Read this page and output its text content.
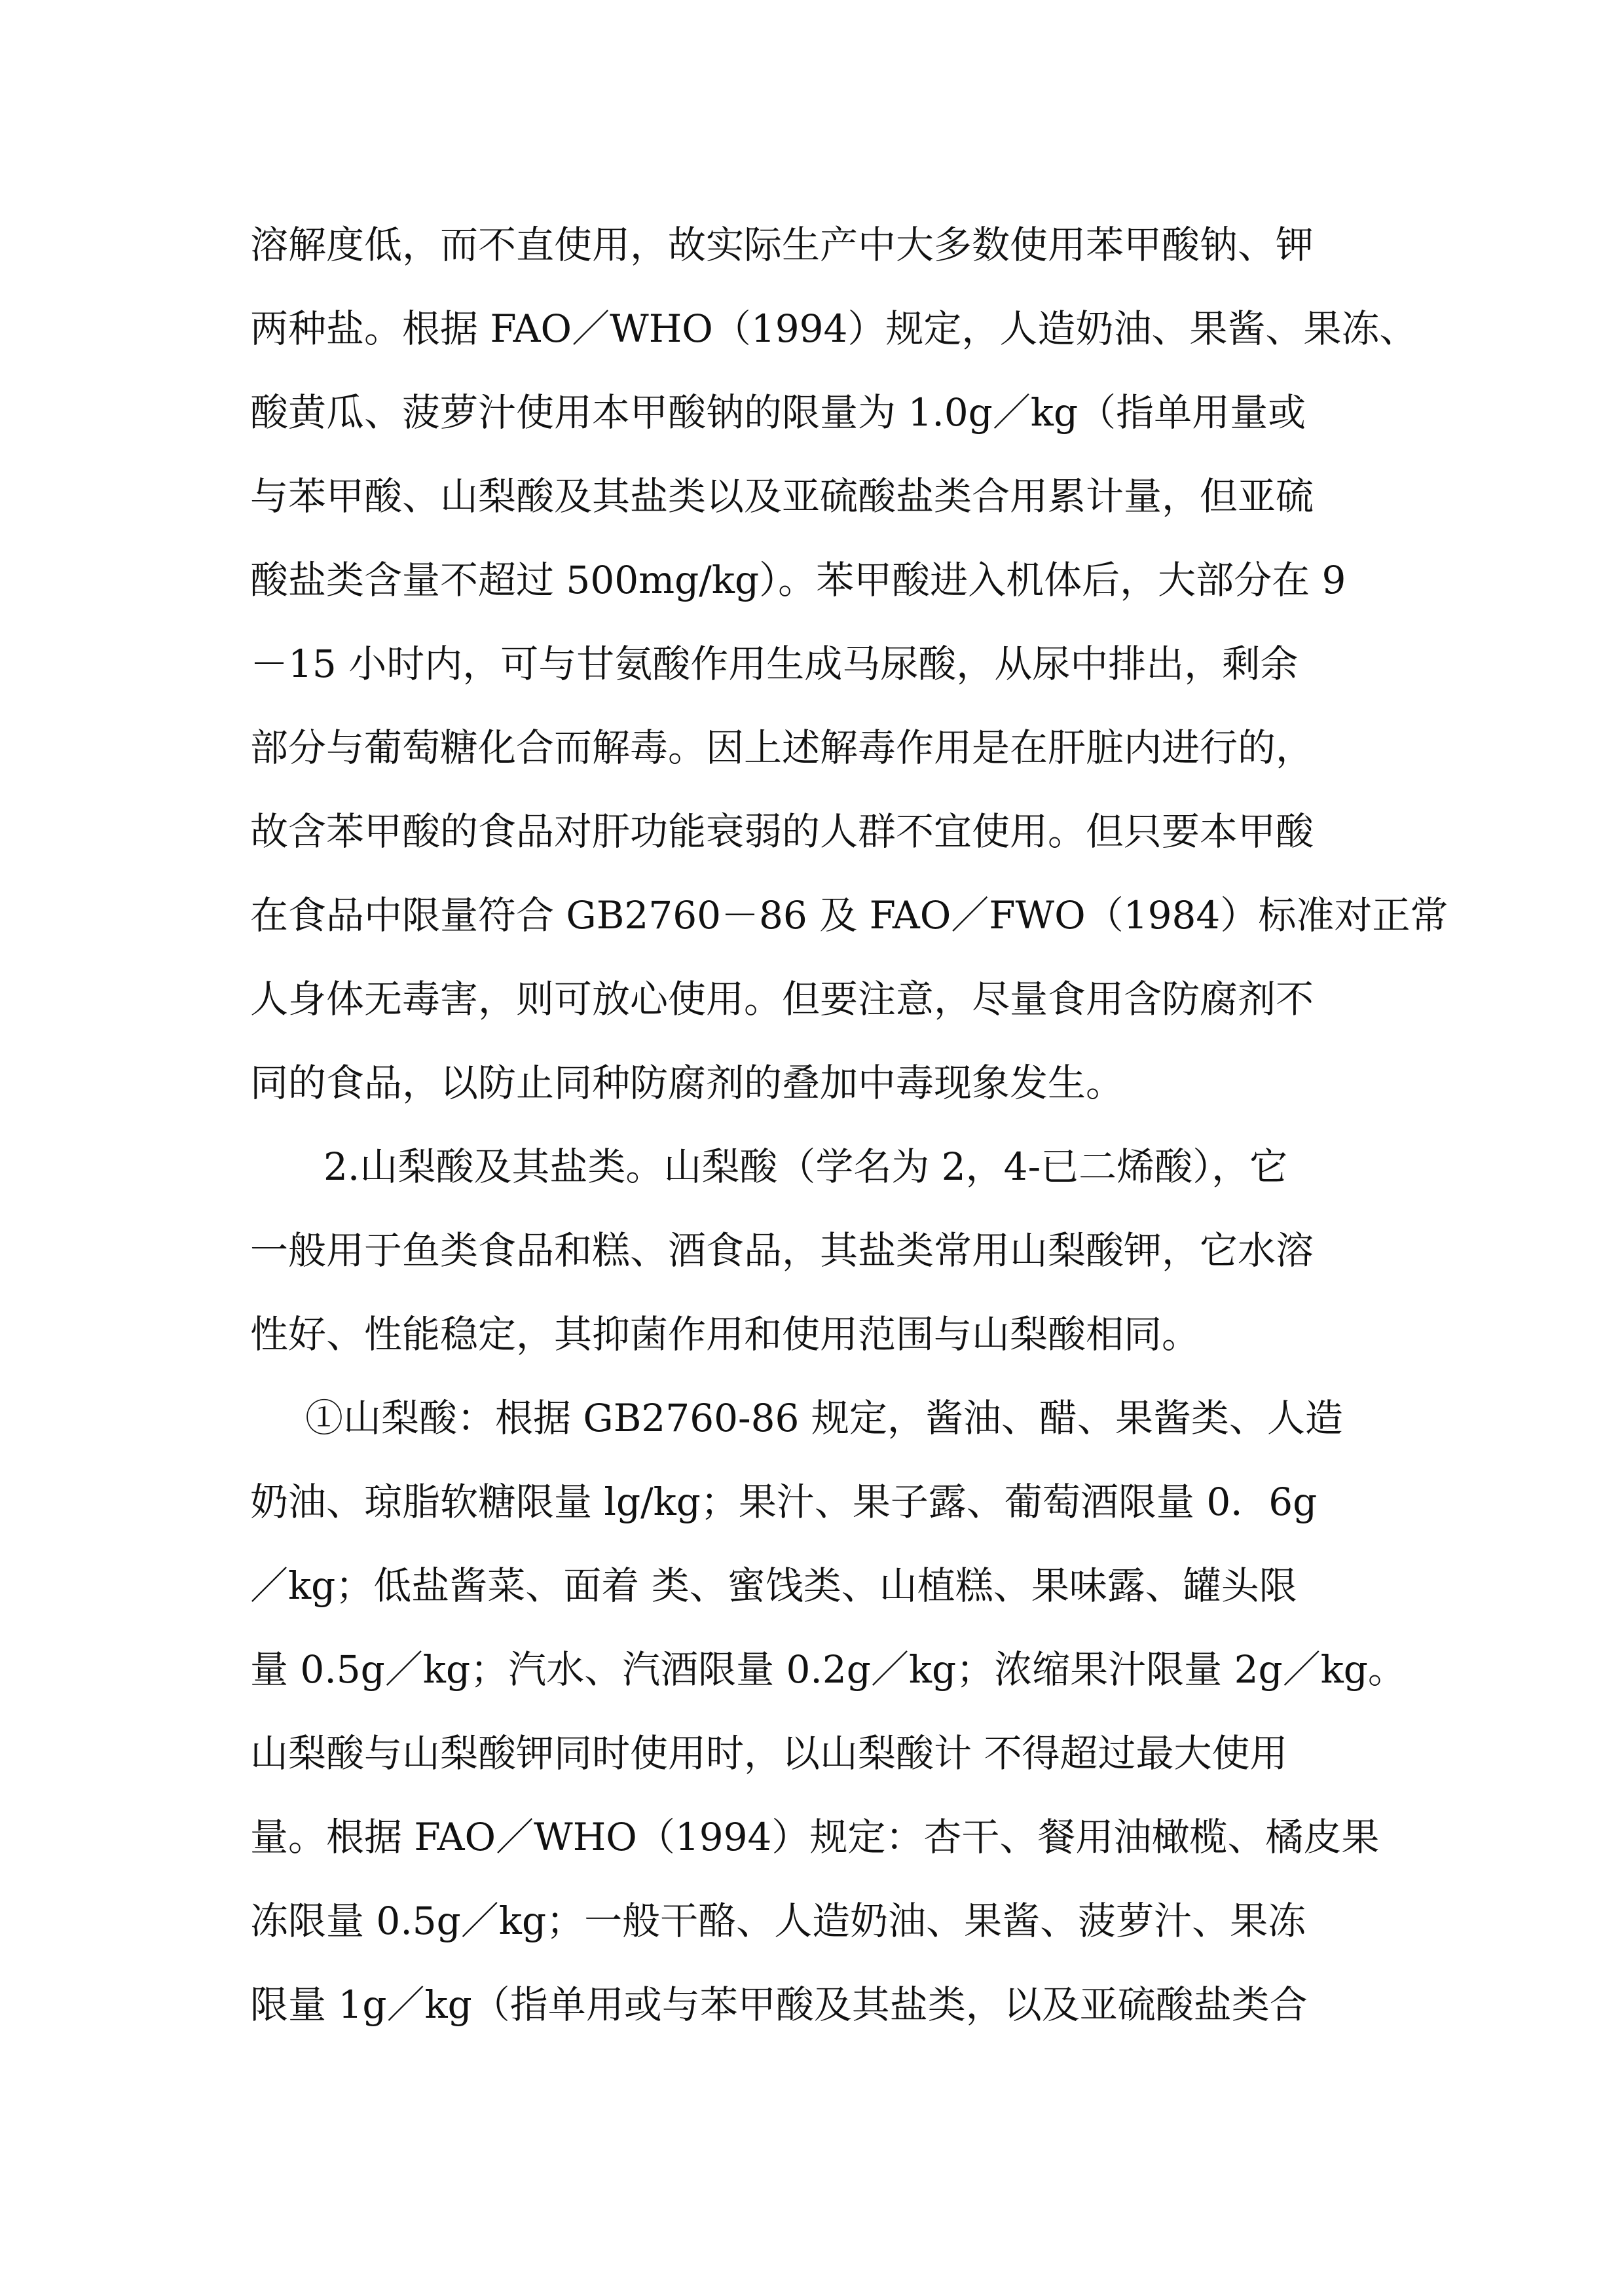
溶解度低，而不直使用，故实际生产中大多数使用苯甲酸钠、钾
两种盐。根据 FAO／WHO（1994）规定，人造奶油、果酱、果冻、
酸黄瓜、菠萝汁使用本甲酸钠的限量为 1.0g／kg（指单用量或
与苯甲酸、山梨酸及其盐类以及亚硫酸盐类合用累计量，但亚硫
酸盐类含量不超过 500mg/kg）。苯甲酸进入机体后，大部分在 9
－15 小时内，可与甘氨酸作用生成马尿酸，从尿中排出，剩余
部分与葡萄糖化合而解毒。因上述解毒作用是在肝脏内进行的，
故含苯甲酸的食品对肝功能衰弱的人群不宜使用。但只要本甲酸
在食品中限量符合 GB2760－86 及 FAO／FWO（1984）标准对正常
人身体无毒害，则可放心使用。但要注意，尽量食用含防腐剂不
同的食品，以防止同种防腐剂的叠加中毒现象发生。
2.山梨酸及其盐类。山梨酸（学名为 2，4-已二烯酸），它
一般用于鱼类食品和糕、酒食品，其盐类常用山梨酸钾，它水溶
性好、性能稳定，其抑菌作用和使用范围与山梨酸相同。
①山梨酸：根据 GB2760-86 规定，酱油、醋、果酱类、人造
奶油、琼脂软糖限量 lg/kg；果汁、果子露、葡萄酒限量 0．6g
／kg；低盐酱菜、面着 类、蜜饯类、山植糕、果味露、罐头限
量 0.5g／kg；汽水、汽酒限量 0.2g／kg；浓缩果汁限量 2g／kg。
山梨酸与山梨酸钾同时使用时，以山梨酸计 不得超过最大使用
量。根据 FAO／WHO（1994）规定：杏干、餐用油橄榄、橘皮果
冻限量 0.5g／kg；一般干酪、人造奶油、果酱、菠萝汁、果冻
限量 1g／kg（指单用或与苯甲酸及其盐类，以及亚硫酸盐类合
